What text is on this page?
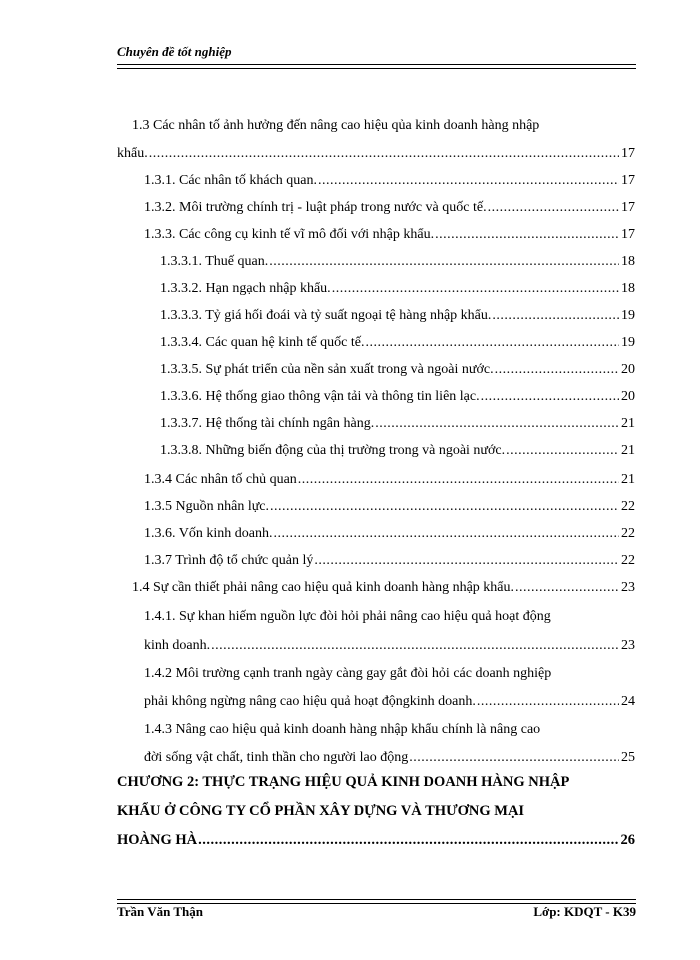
Chuyên đề tốt nghiệp
1.3 Các nhân tố ảnh hưởng đến nâng cao hiệu qủa kinh doanh hàng nhập
khẩu. .....	17
1.3.1. Các nhân tố khách quan. .....	17
1.3.2. Môi trường chính trị - luật pháp trong nước và quốc tế. .....	17
1.3.3. Các công cụ kinh tế vĩ mô đối với nhập khẩu. .....	17
1.3.3.1. Thuế quan. .....	18
1.3.3.2. Hạn ngạch nhập khẩu. .....	18
1.3.3.3. Tỷ giá hối đoái và tỷ suất ngoại tệ hàng nhập khẩu. .....	19
1.3.3.4. Các quan hệ kinh tế quốc tế. .....	19
1.3.3.5. Sự phát triển của nền sản xuất trong và ngoài nước. .....	20
1.3.3.6. Hệ thống giao thông vận tải và thông tin liên lạc. .....	20
1.3.3.7. Hệ thống tài chính ngân hàng. .....	21
1.3.3.8. Những biến động của thị trường trong và ngoài nước. .....	21
1.3.4 Các nhân tố chủ quan .....	21
1.3.5 Nguồn nhân lực. .....	22
1.3.6. Vốn kinh doanh. .....	22
1.3.7 Trình độ tổ chức quản lý .....	22
1.4 Sự cần thiết phải nâng cao hiệu quả kinh doanh hàng nhập khẩu. .....	23
1.4.1. Sự khan hiếm nguồn lực đòi hỏi phải nâng cao hiệu quả hoạt động
kinh doanh. .....	23
1.4.2 Môi trường cạnh tranh ngày càng gay gắt đòi hỏi các doanh nghiệp
phải không ngừng nâng cao hiệu quả hoạt độngkinh doanh. .....	24
1.4.3 Nâng cao hiệu quả kinh doanh hàng nhập khẩu chính là nâng cao
đời sống vật chất, tinh thần cho người lao động .....	25
CHƯƠNG 2: THỰC TRẠNG HIỆU QUẢ KINH DOANH HÀNG NHẬP
KHẨU Ở CÔNG TY CỔ PHẦN XÂY DỰNG VÀ THƯƠNG MẠI
HOÀNG HÀ .....	26
Trần Văn Thận	Lớp: KDQT - K39
